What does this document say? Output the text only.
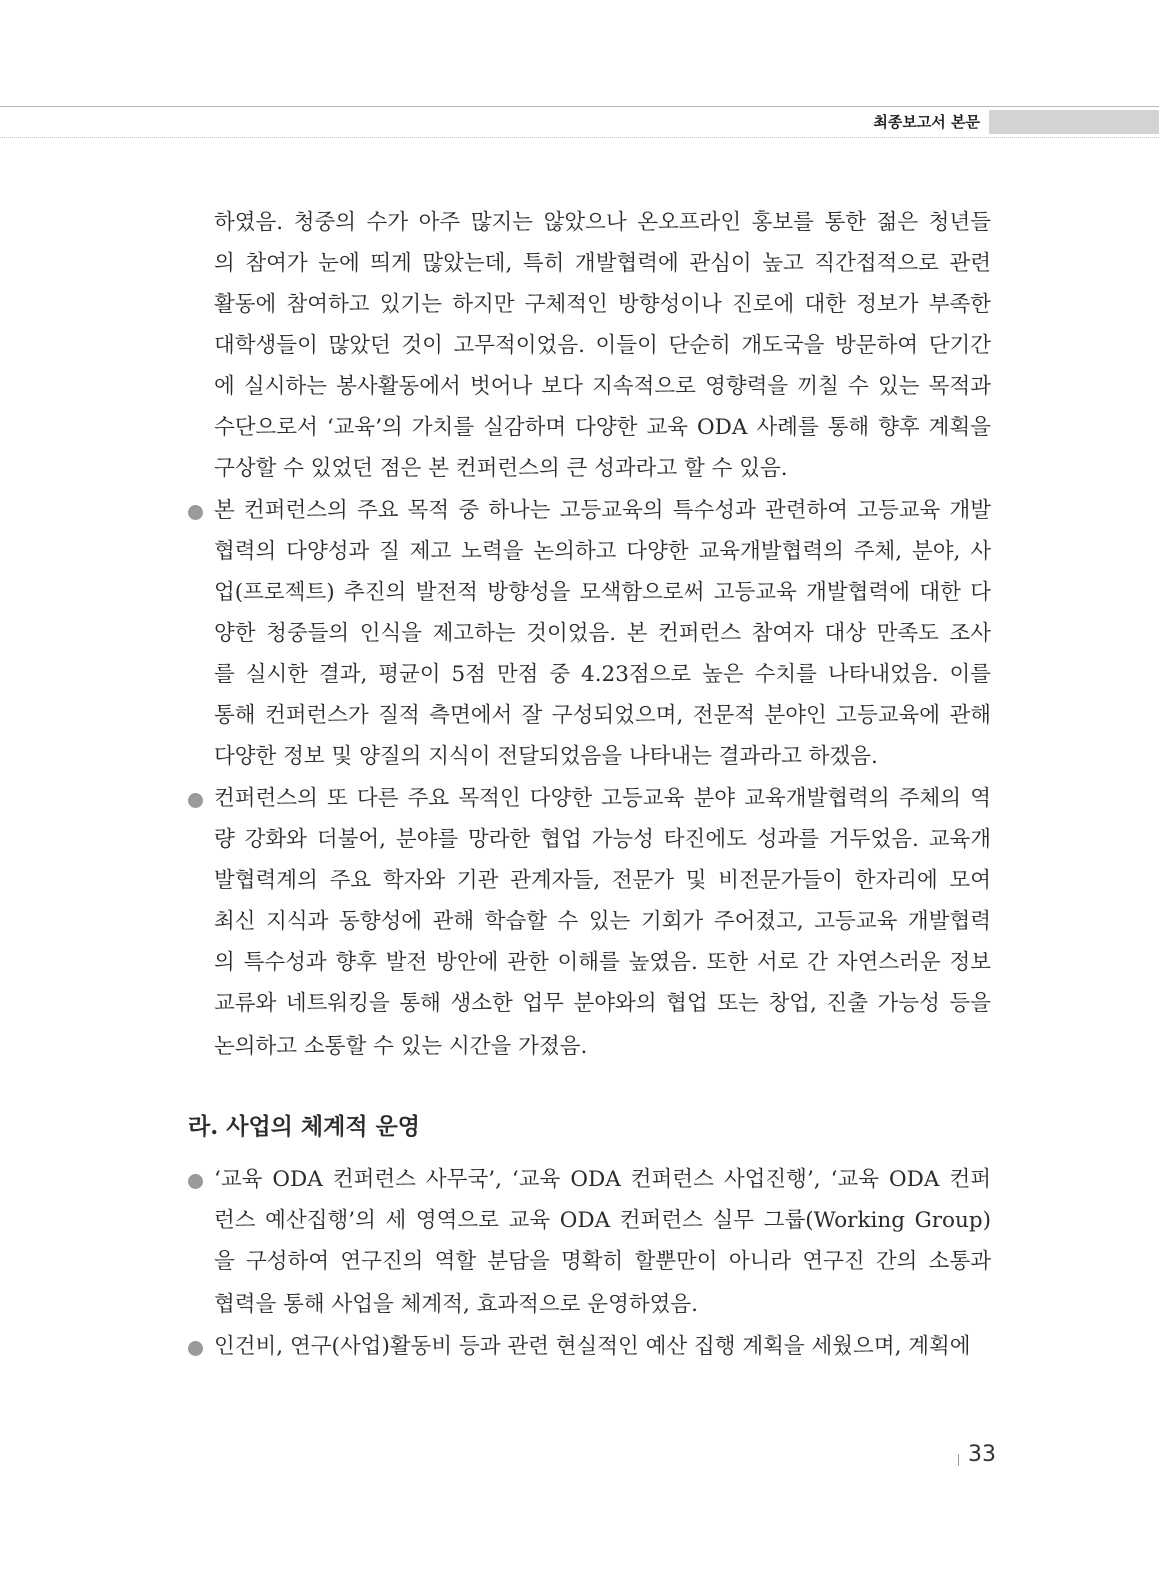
최종보고서 본문
하였음. 청중의 수가 아주 많지는 않았으나 온오프라인 홍보를 통한 젊은 청년들
의 참여가 눈에 띄게 많았는데, 특히 개발협력에 관심이 높고 직간접적으로 관련
활동에 참여하고 있기는 하지만 구체적인 방향성이나 진로에 대한 정보가 부족한
대학생들이 많았던 것이 고무적이었음. 이들이 단순히 개도국을 방문하여 단기간
에 실시하는 봉사활동에서 벗어나 보다 지속적으로 영향력을 끼칠 수 있는 목적과
수단으로서 ‘교육’의 가치를 실감하며 다양한 교육 ODA 사례를 통해 향후 계획을
구상할 수 있었던 점은 본 컨퍼런스의 큰 성과라고 할 수 있음.
본 컨퍼런스의 주요 목적 중 하나는 고등교육의 특수성과 관련하여 고등교육 개발
협력의 다양성과 질 제고 노력을 논의하고 다양한 교육개발협력의 주체, 분야, 사
업(프로젝트) 추진의 발전적 방향성을 모색함으로써 고등교육 개발협력에 대한 다
양한 청중들의 인식을 제고하는 것이었음. 본 컨퍼런스 참여자 대상 만족도 조사
를 실시한 결과, 평균이 5점 만점 중 4.23점으로 높은 수치를 나타내었음. 이를
통해 컨퍼런스가 질적 측면에서 잘 구성되었으며, 전문적 분야인 고등교육에 관해
다양한 정보 및 양질의 지식이 전달되었음을 나타내는 결과라고 하겠음.
컨퍼런스의 또 다른 주요 목적인 다양한 고등교육 분야 교육개발협력의 주체의 역
량 강화와 더불어, 분야를 망라한 협업 가능성 타진에도 성과를 거두었음. 교육개
발협력계의 주요 학자와 기관 관계자들, 전문가 및 비전문가들이 한자리에 모여
최신 지식과 동향성에 관해 학습할 수 있는 기회가 주어졌고, 고등교육 개발협력
의 특수성과 향후 발전 방안에 관한 이해를 높였음. 또한 서로 간 자연스러운 정보
교류와 네트워킹을 통해 생소한 업무 분야와의 협업 또는 창업, 진출 가능성 등을
논의하고 소통할 수 있는 시간을 가졌음.
라. 사업의 체계적 운영
‘교육 ODA 컨퍼런스 사무국’, ‘교육 ODA 컨퍼런스 사업진행’, ‘교육 ODA 컨퍼
런스 예산집행’의 세 영역으로 교육 ODA 컨퍼런스 실무 그룹(Working Group)
을 구성하여 연구진의 역할 분담을 명확히 할뿐만이 아니라 연구진 간의 소통과
협력을 통해 사업을 체계적, 효과적으로 운영하였음.
인건비, 연구(사업)활동비 등과 관련 현실적인 예산 집행 계획을 세웠으며, 계획에
33
